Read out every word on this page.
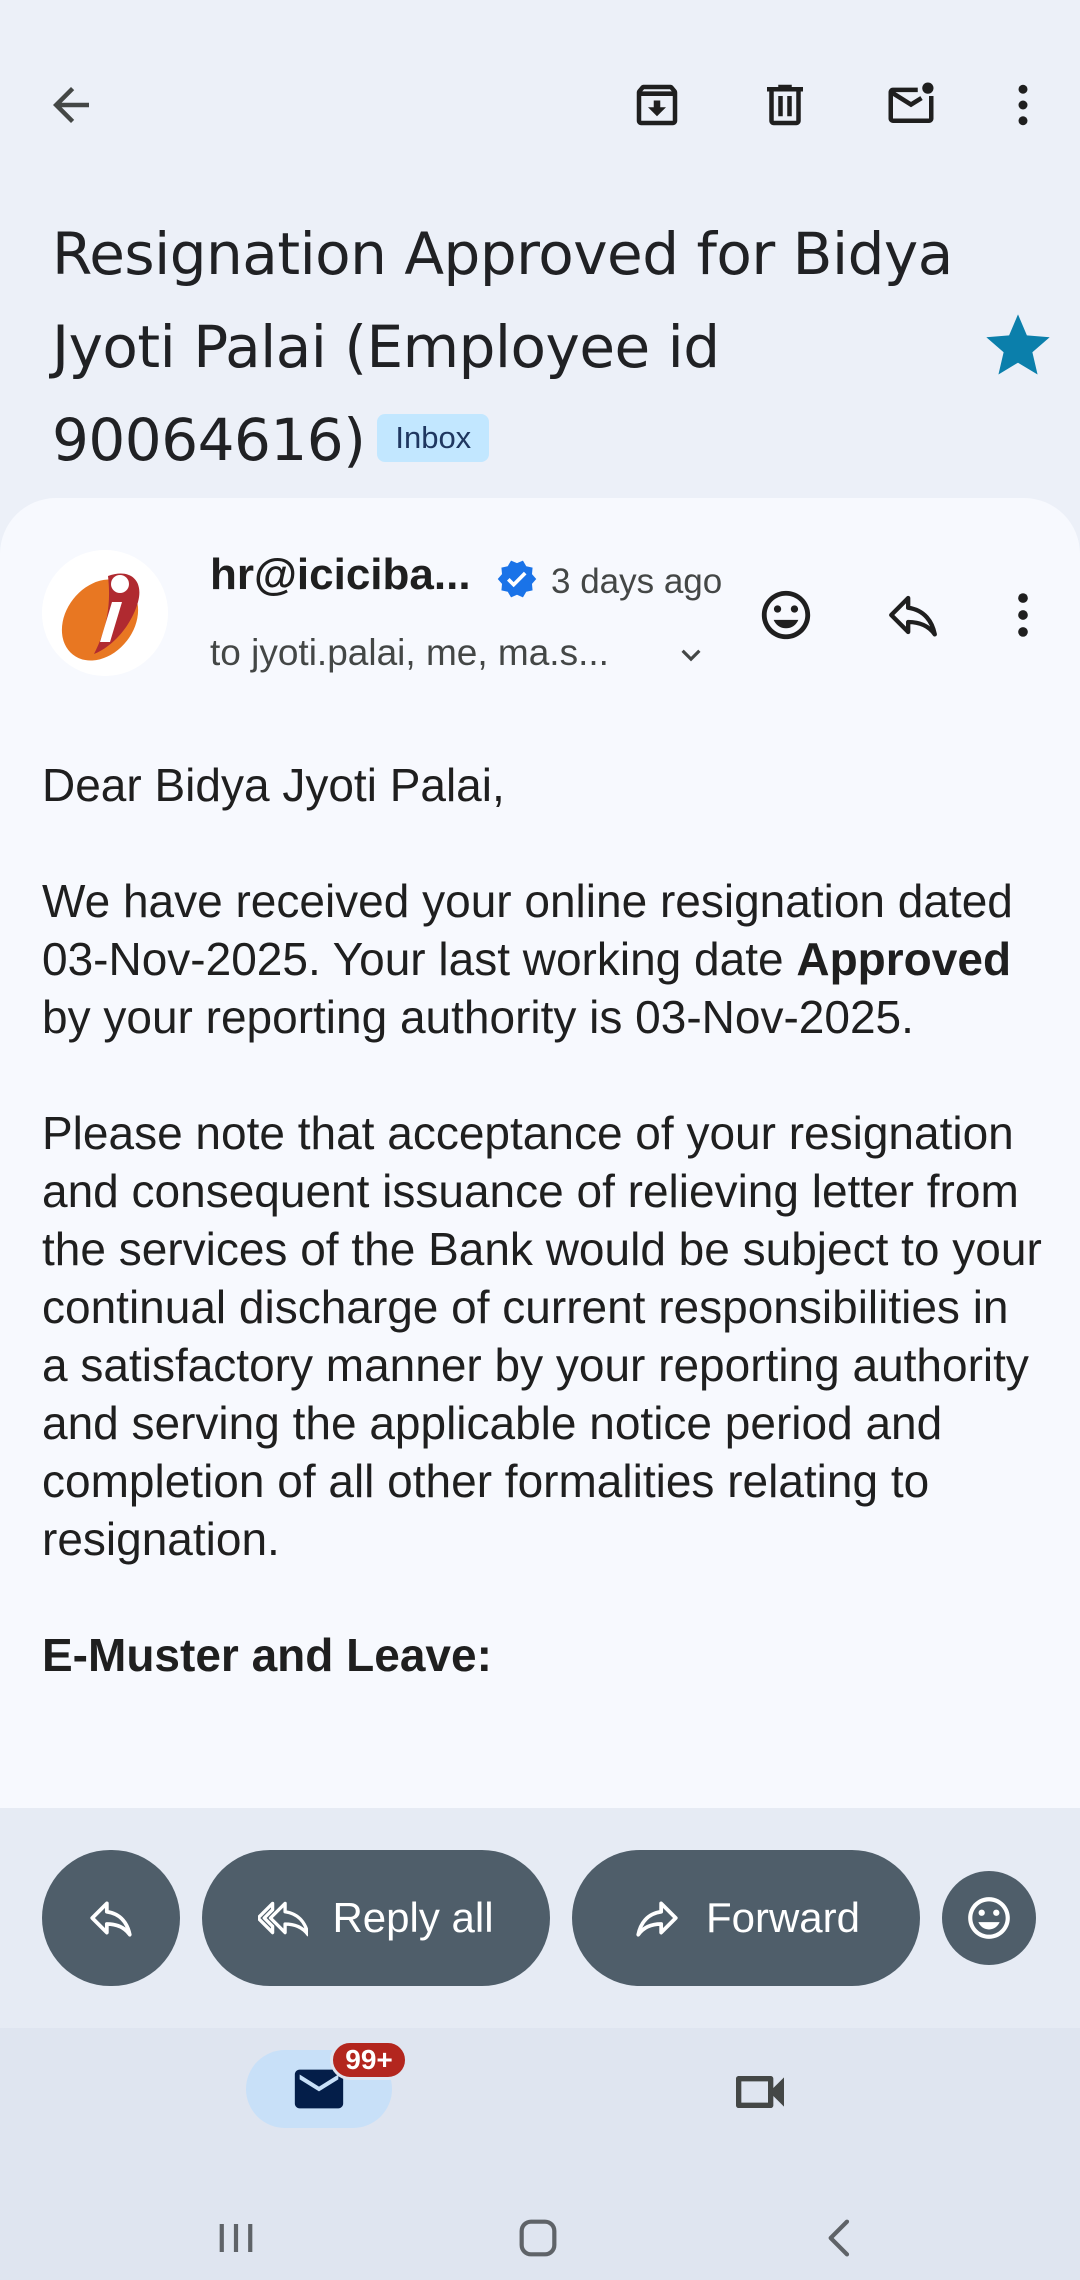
Resignation Approved for Bidya Jyoti Palai (Employee id 90064616) Inbox
hr@iciciba... 3 days ago
to jyoti.palai, me, ma.s...

Dear Bidya Jyoti Palai,

We have received your online resignation dated 03-Nov-2025. Your last working date Approved by your reporting authority is 03-Nov-2025.

Please note that acceptance of your resignation and consequent issuance of relieving letter from the services of the Bank would be subject to your continual discharge of current responsibilities in a satisfactory manner by your reporting authority and serving the applicable notice period and completion of all other formalities relating to resignation.

E-Muster and Leave:

Reply all	Forward
99+
